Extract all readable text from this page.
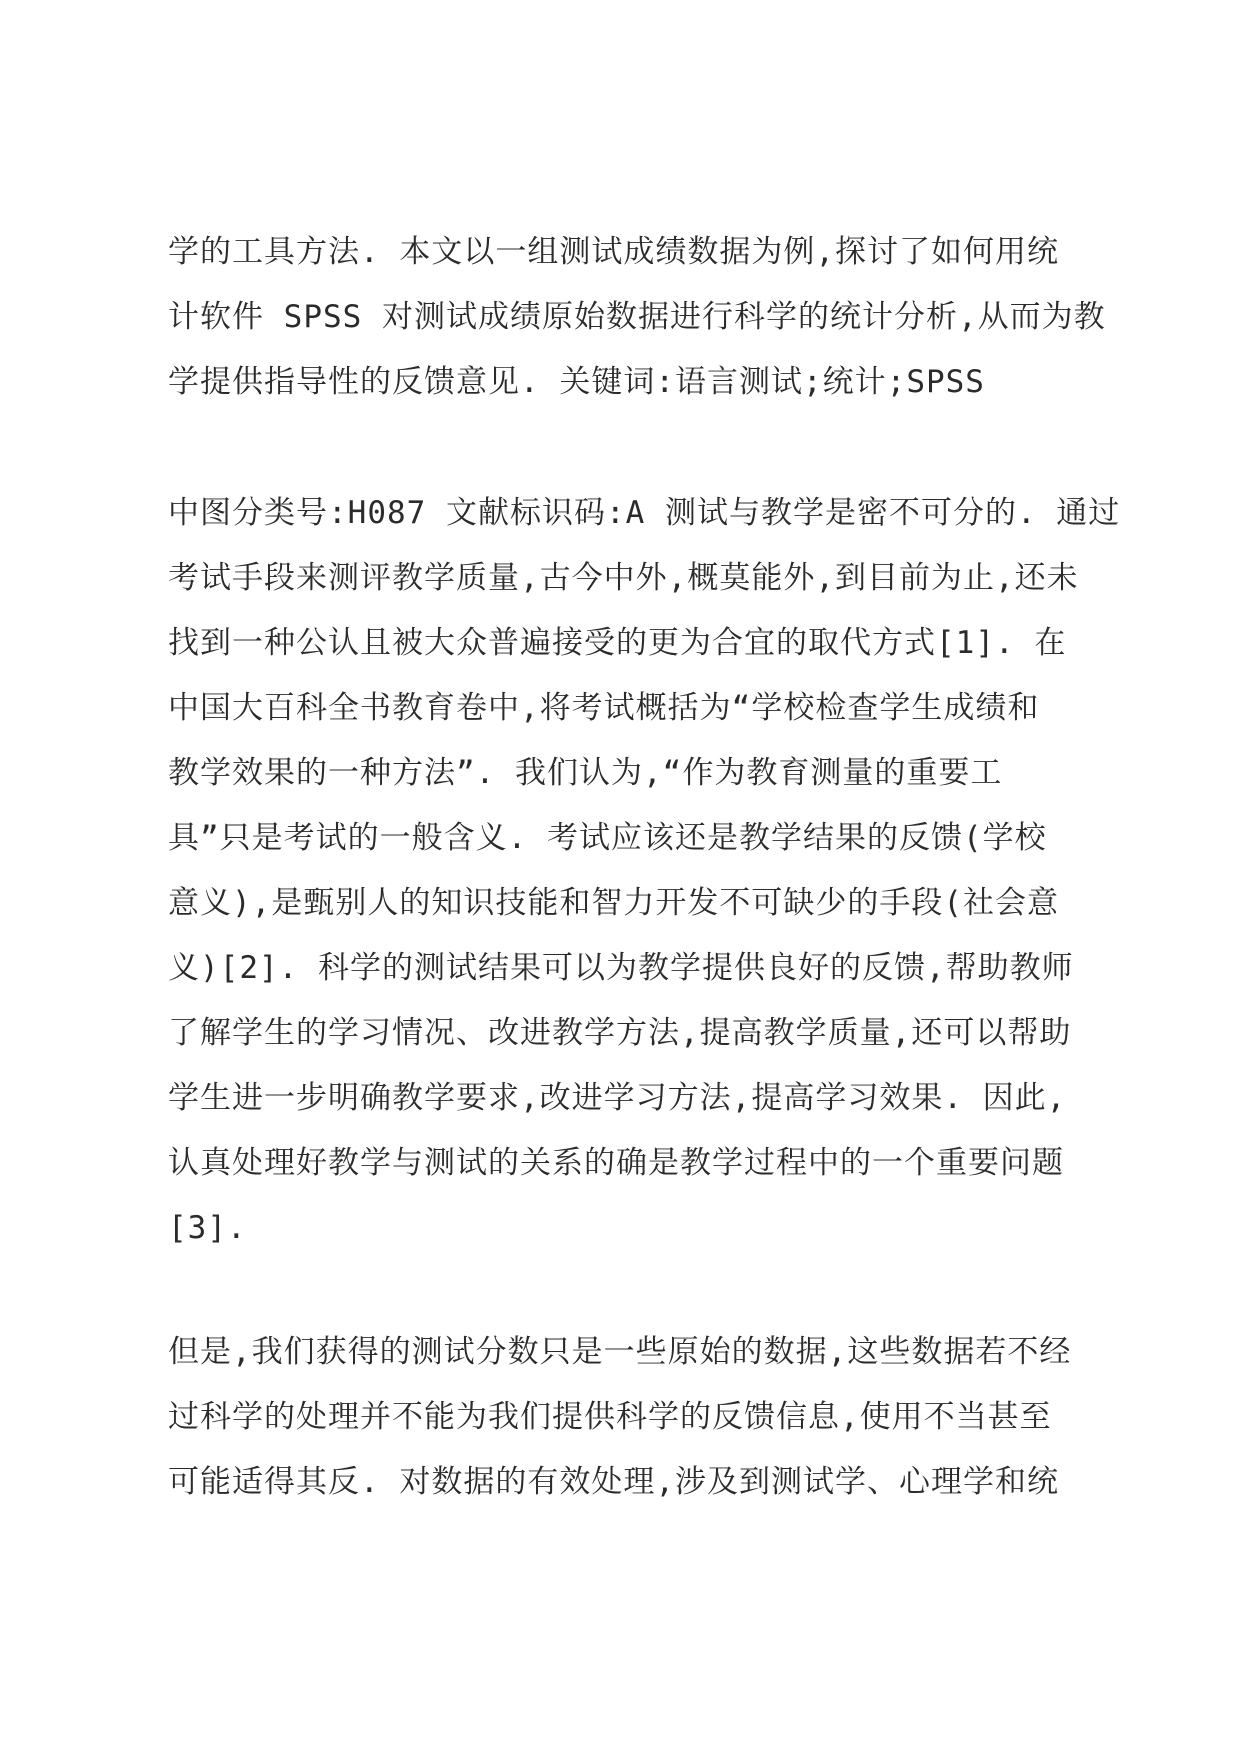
学的工具方法. 本文以一组测试成绩数据为例,探讨了如何用统
计软件 SPSS 对测试成绩原始数据进行科学的统计分析,从而为教
学提供指导性的反馈意见. 关键词:语言测试;统计;SPSS
中图分类号:H087 文献标识码:A 测试与教学是密不可分的. 通过
考试手段来测评教学质量,古今中外,概莫能外,到目前为止,还未
找到一种公认且被大众普遍接受的更为合宜的取代方式[1]. 在
中国大百科全书教育卷中,将考试概括为“学校检查学生成绩和
教学效果的一种方法”. 我们认为,“作为教育测量的重要工
具”只是考试的一般含义. 考试应该还是教学结果的反馈(学校
意义),是甄别人的知识技能和智力开发不可缺少的手段(社会意
义)[2]. 科学的测试结果可以为教学提供良好的反馈,帮助教师
了解学生的学习情况、改进教学方法,提高教学质量,还可以帮助
学生进一步明确教学要求,改进学习方法,提高学习效果. 因此,
认真处理好教学与测试的关系的确是教学过程中的一个重要问题
[3].
但是,我们获得的测试分数只是一些原始的数据,这些数据若不经
过科学的处理并不能为我们提供科学的反馈信息,使用不当甚至
可能适得其反. 对数据的有效处理,涉及到测试学、心理学和统
